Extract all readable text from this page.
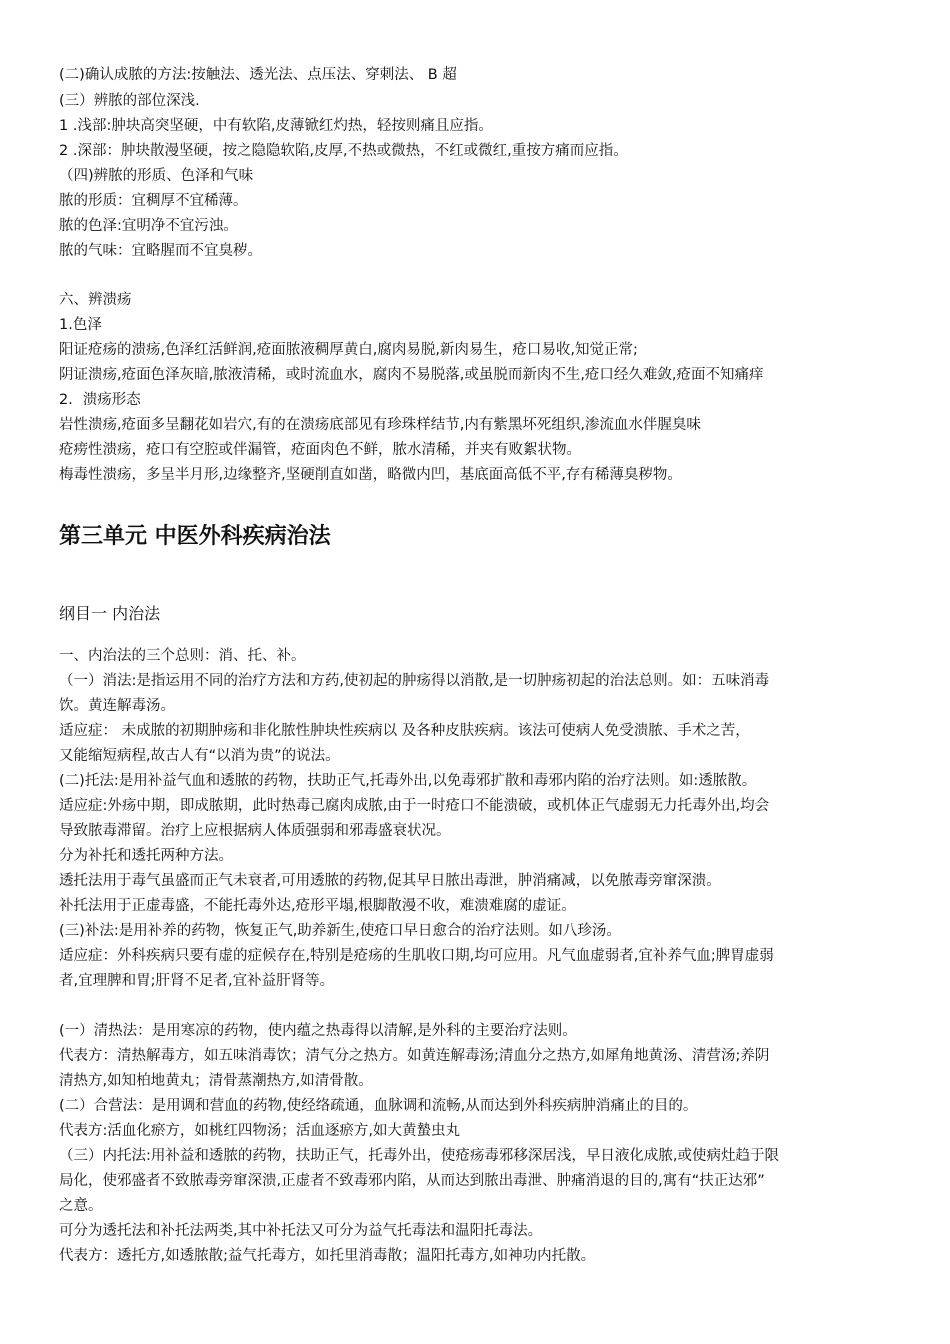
(二)确认成脓的方法:按触法、透光法、点压法、穿刺法、 B 超
(三）辨脓的部位深浅.
1 .浅部:肿块高突坚硬，中有软陷,皮薄锨红灼热，轻按则痛且应指。
2 .深部：肿块散漫坚硬，按之隐隐软陷,皮厚,不热或微热，不红或微红,重按方痛而应指。
（四)辨脓的形质、色泽和气味
脓的形质：宜稠厚不宜稀薄。
脓的色泽:宜明净不宜污浊。
脓的气味：宜略腥而不宜臭秽。
六、辨溃疡
1.色泽
阳证疮疡的溃疡,色泽红活鲜润,疮面脓液稠厚黄白,腐肉易脱,新肉易生，疮口易收,知觉正常;
阴证溃疡,疮面色泽灰暗,脓液清稀，或时流血水，腐肉不易脱落,或虽脱而新肉不生,疮口经久难敛,疮面不知痛痒
2．溃疡形态
岩性溃疡,疮面多呈翻花如岩穴,有的在溃疡底部见有珍珠样结节,内有紫黑坏死组织,渗流血水伴腥臭味
疮痨性溃疡，疮口有空腔或伴漏管，疮面肉色不鲜，脓水清稀，并夹有败絮状物。
梅毒性溃疡，多呈半月形,边缘整齐,坚硬削直如凿，略微内凹，基底面高低不平,存有稀薄臭秽物。
第三单元 中医外科疾病治法
纲目一 内治法
一、内治法的三个总则：消、托、补。
（一）消法:是指运用不同的治疗方法和方药,使初起的肿疡得以消散,是一切肿疡初起的治法总则。如：五味消毒
饮。黄连解毒汤。
适应症： 未成脓的初期肿疡和非化脓性肿块性疾病以 及各种皮肤疾病。该法可使病人免受溃脓、手术之苦，
又能缩短病程,故古人有“以消为贵”的说法。
(二)托法:是用补益气血和透脓的药物，扶助正气,托毒外出,以免毒邪扩散和毒邪内陷的治疗法则。如:透脓散。
适应症:外疡中期，即成脓期，此时热毒己腐肉成脓,由于一时疮口不能溃破，或机体正气虚弱无力托毒外出,均会
导致脓毒滞留。治疗上应根据病人体质强弱和邪毒盛衰状况。
分为补托和透托两种方法。
透托法用于毒气虽盛而正气未衰者,可用透脓的药物,促其早日脓出毒泄，肿消痛减，以免脓毒旁窜深溃。
补托法用于正虚毒盛，不能托毒外达,疮形平塌,根脚散漫不收，难溃难腐的虚证。
(三)补法:是用补养的药物，恢复正气,助养新生,使疮口早日愈合的治疗法则。如八珍汤。
适应症：外科疾病只要有虚的症候存在,特别是疮疡的生肌收口期,均可应用。凡气血虚弱者,宜补养气血;脾胃虚弱
者,宜理脾和胃;肝肾不足者,宜补益肝肾等。
(一）清热法：是用寒凉的药物，使内蕴之热毒得以清解,是外科的主要治疗法则。
代表方：清热解毒方，如五味消毒饮；清气分之热方。如黄连解毒汤;清血分之热方,如犀角地黄汤、清营汤;养阴
清热方,如知柏地黄丸；清骨蒸潮热方,如清骨散。
(二）合营法：是用调和营血的药物,使经络疏通，血脉调和流畅,从而达到外科疾病肿消痛止的目的。
代表方:活血化瘀方，如桃红四物汤；活血逐瘀方,如大黄蟄虫丸
（三）内托法:用补益和透脓的药物，扶助正气，托毒外出，使疮疡毒邪移深居浅，早日液化成脓,或使病灶趋于限
局化，使邪盛者不致脓毒旁窜深溃,正虚者不致毒邪内陷，从而达到脓出毒泄、肿痛消退的目的,寓有“扶正达邪”
之意。
可分为透托法和补托法两类,其中补托法又可分为益气托毒法和温阳托毒法。
代表方：透托方,如透脓散;益气托毒方，如托里消毒散；温阳托毒方,如神功内托散。
